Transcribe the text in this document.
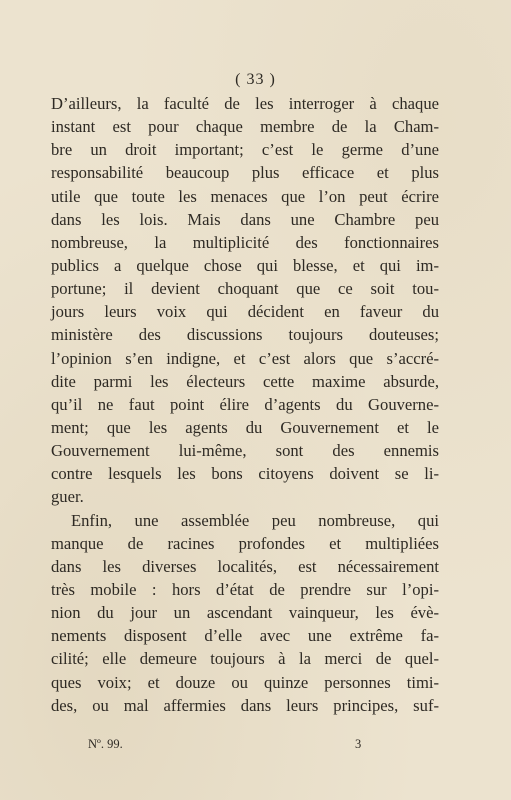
( 33 )
D’ailleurs, la faculté de les interroger à chaque
instant est pour chaque membre de la Cham-
bre un droit important; c’est le germe d’une
responsabilité beaucoup plus efficace et plus
utile que toute les menaces que l’on peut écrire
dans les lois. Mais dans une Chambre peu
nombreuse, la multiplicité des fonctionnaires
publics a quelque chose qui blesse, et qui im-
portune; il devient choquant que ce soit tou-
jours leurs voix qui décident en faveur du
ministère des discussions toujours douteuses;
l’opinion s’en indigne, et c’est alors que s’accré-
dite parmi les électeurs cette maxime absurde,
qu’il ne faut point élire d’agents du Gouverne-
ment; que les agents du Gouvernement et le
Gouvernement lui-même, sont des ennemis
contre lesquels les bons citoyens doivent se li-
guer.
Enfin, une assemblée peu nombreuse, qui
manque de racines profondes et multipliées
dans les diverses localités, est nécessairement
très mobile : hors d’état de prendre sur l’opi-
nion du jour un ascendant vainqueur, les évè-
nements disposent d’elle avec une extrême fa-
cilité; elle demeure toujours à la merci de quel-
ques voix; et douze ou quinze personnes timi-
des, ou mal affermies dans leurs principes, suf-
Nº. 99.	3
